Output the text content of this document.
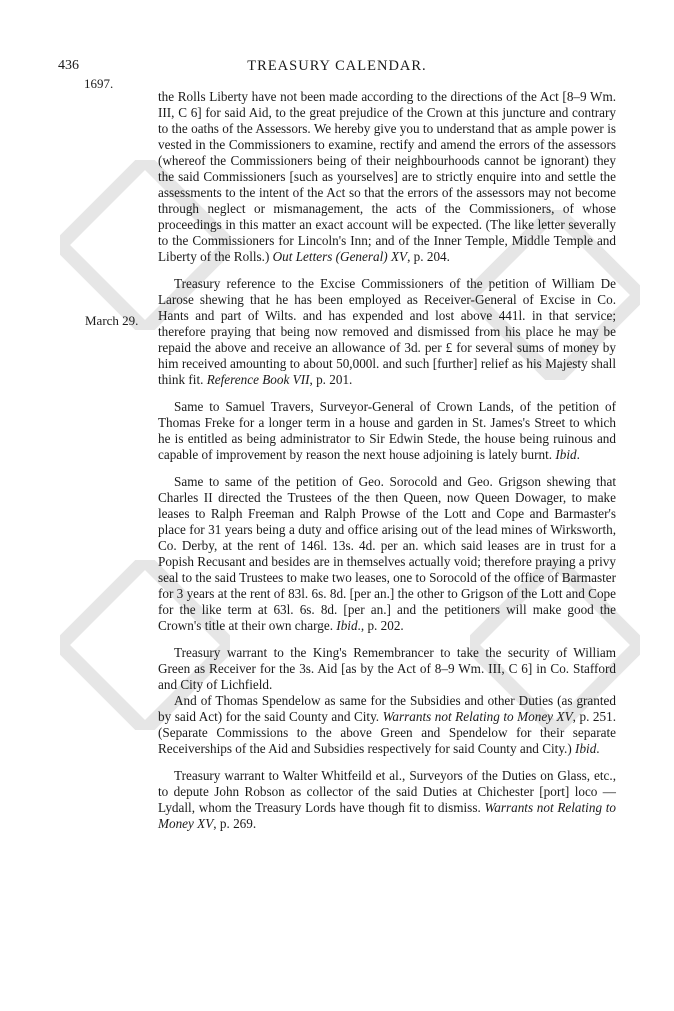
436	TREASURY CALENDAR.
1697.
March 29.

the Rolls Liberty have not been made according to the directions of the Act [8–9 Wm. III, C 6] for said Aid, to the great prejudice of the Crown at this juncture and contrary to the oaths of the Assessors. We hereby give you to understand that as ample power is vested in the Commissioners to examine, rectify and amend the errors of the assessors (whereof the Commissioners being of their neighbourhoods cannot be ignorant) they the said Commissioners [such as yourselves] are to strictly enquire into and settle the assessments to the intent of the Act so that the errors of the assessors may not become through neglect or mismanagement, the acts of the Commissioners, of whose proceedings in this matter an exact account will be expected. (The like letter severally to the Commissioners for Lincoln's Inn; and of the Inner Temple, Middle Temple and Liberty of the Rolls.) Out Letters (General) XV, p. 204.

Treasury reference to the Excise Commissioners of the petition of William De Larose shewing that he has been employed as Receiver-General of Excise in Co. Hants and part of Wilts. and has expended and lost above 441l. in that service; therefore praying that being now removed and dismissed from his place he may be repaid the above and receive an allowance of 3d. per £ for several sums of money by him received amounting to about 50,000l. and such [further] relief as his Majesty shall think fit. Reference Book VII, p. 201.

Same to Samuel Travers, Surveyor-General of Crown Lands, of the petition of Thomas Freke for a longer term in a house and garden in St. James's Street to which he is entitled as being administrator to Sir Edwin Stede, the house being ruinous and capable of improvement by reason the next house adjoining is lately burnt. Ibid.

Same to same of the petition of Geo. Sorocold and Geo. Grigson shewing that Charles II directed the Trustees of the then Queen, now Queen Dowager, to make leases to Ralph Freeman and Ralph Prowse of the Lott and Cope and Barmaster's place for 31 years being a duty and office arising out of the lead mines of Wirksworth, Co. Derby, at the rent of 146l. 13s. 4d. per an. which said leases are in trust for a Popish Recusant and besides are in themselves actually void; therefore praying a privy seal to the said Trustees to make two leases, one to Sorocold of the office of Barmaster for 3 years at the rent of 83l. 6s. 8d. [per an.] the other to Grigson of the Lott and Cope for the like term at 63l. 6s. 8d. [per an.] and the petitioners will make good the Crown's title at their own charge. Ibid., p. 202.

Treasury warrant to the King's Remembrancer to take the security of William Green as Receiver for the 3s. Aid [as by the Act of 8–9 Wm. III, C 6] in Co. Stafford and City of Lichfield.

And of Thomas Spendelow as same for the Subsidies and other Duties (as granted by said Act) for the said County and City. Warrants not Relating to Money XV, p. 251. (Separate Commissions to the above Green and Spendelow for their separate Receiverships of the Aid and Subsidies respectively for said County and City.) Ibid.

Treasury warrant to Walter Whitfeild et al., Surveyors of the Duties on Glass, etc., to depute John Robson as collector of the said Duties at Chichester [port] loco — Lydall, whom the Treasury Lords have though fit to dismiss. Warrants not Relating to Money XV, p. 269.
